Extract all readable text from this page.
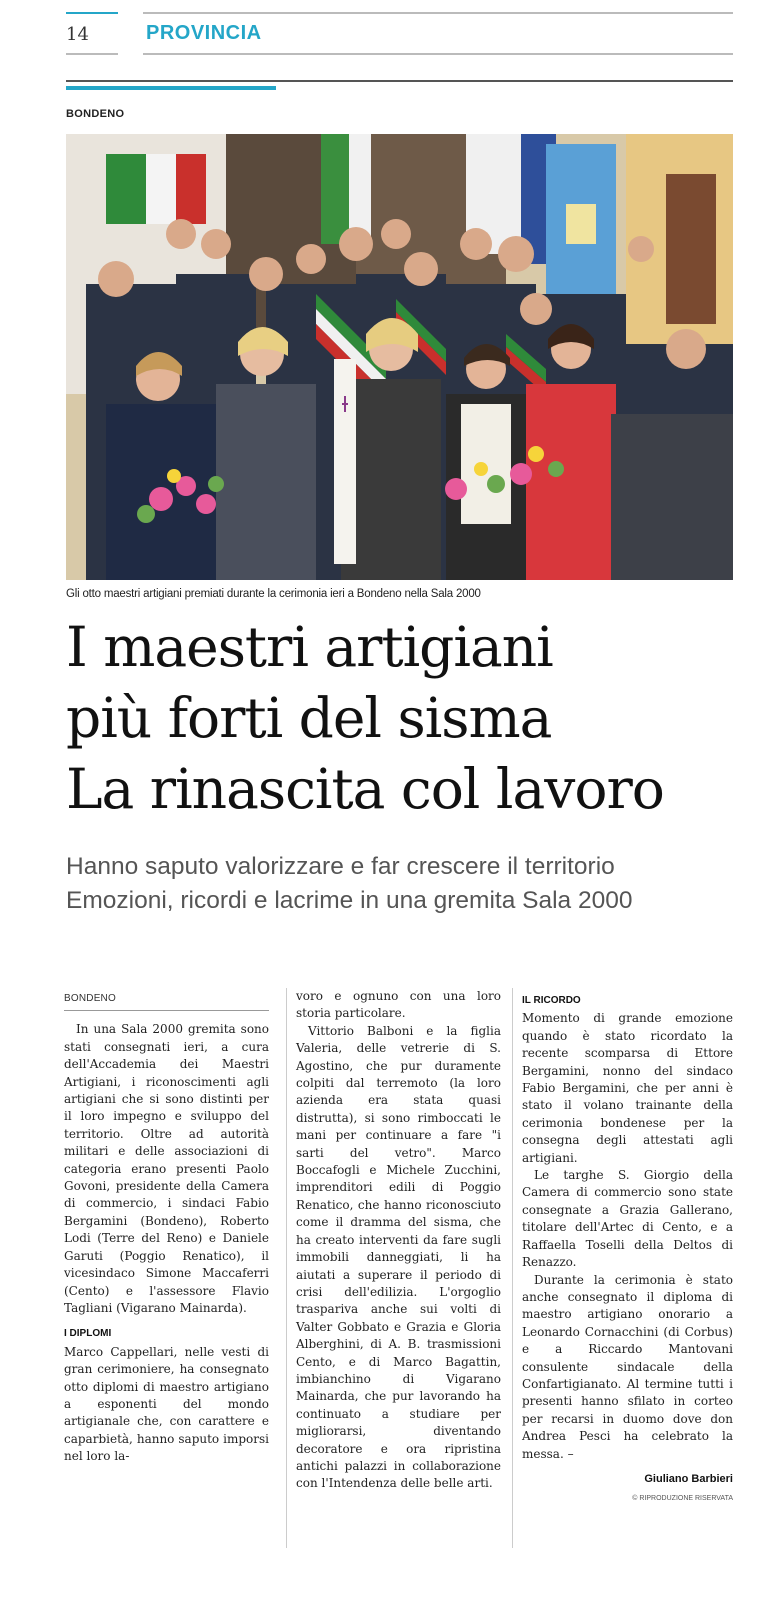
14	PROVINCIA
BONDENO
Gli otto maestri artigiani premiati durante la cerimonia ieri a Bondeno nella Sala 2000
I maestri artigiani
più forti del sisma
La rinascita col lavoro
Hanno saputo valorizzare e far crescere il territorio
Emozioni, ricordi e lacrime in una gremita Sala 2000
BONDENO

In una Sala 2000 gremita sono stati consegnati ieri, a cura dell'Accademia dei Maestri Artigiani, i riconoscimenti agli artigiani che si sono distinti per il loro impegno e sviluppo del territorio. Oltre ad autorità militari e delle associazioni di categoria erano presenti Paolo Govoni, presidente della Camera di commercio, i sindaci Fabio Bergamini (Bondeno), Roberto Lodi (Terre del Reno) e Daniele Garuti (Poggio Renatico), il vicesindaco Simone Maccaferri (Cento) e l'assessore Flavio Tagliani (Vigarano Mainarda).

I DIPLOMI

Marco Cappellari, nelle vesti di gran cerimoniere, ha consegnato otto diplomi di maestro artigiano a esponenti del mondo artigianale che, con carattere e caparbietà, hanno saputo imporsi nel loro la-

voro e ognuno con una loro storia particolare.

Vittorio Balboni e la figlia Valeria, delle vetrerie di S. Agostino, che pur duramente colpiti dal terremoto (la loro azienda era stata quasi distrutta), si sono rimboccati le mani per continuare a fare "i sarti del vetro". Marco Boccafogli e Michele Zucchini, imprenditori edili di Poggio Renatico, che hanno riconosciuto come il dramma del sisma, che ha creato interventi da fare sugli immobili danneggiati, li ha aiutati a superare il periodo di crisi dell'edilizia. L'orgoglio traspariva anche sui volti di Valter Gobbato e Grazia e Gloria Alberghini, di A. B. trasmissioni Cento, e di Marco Bagattin, imbianchino di Vigarano Mainarda, che pur lavorando ha continuato a studiare per migliorarsi, diventando decoratore e ora ripristina antichi palazzi in collaborazione con l'Intendenza delle belle arti.

IL RICORDO

Momento di grande emozione quando è stato ricordato la recente scomparsa di Ettore Bergamini, nonno del sindaco Fabio Bergamini, che per anni è stato il volano trainante della cerimonia bondenese per la consegna degli attestati agli artigiani.

Le targhe S. Giorgio della Camera di commercio sono state consegnate a Grazia Gallerano, titolare dell'Artec di Cento, e a Raffaella Toselli della Deltos di Renazzo.

Durante la cerimonia è stato anche consegnato il diploma di maestro artigiano onorario a Leonardo Cornacchini (di Corbus) e a Riccardo Mantovani consulente sindacale della Confartigianato. Al termine tutti i presenti hanno sfilato in corteo per recarsi in duomo dove don Andrea Pesci ha celebrato la messa. –

Giuliano Barbieri
© RIPRODUZIONE RISERVATA
